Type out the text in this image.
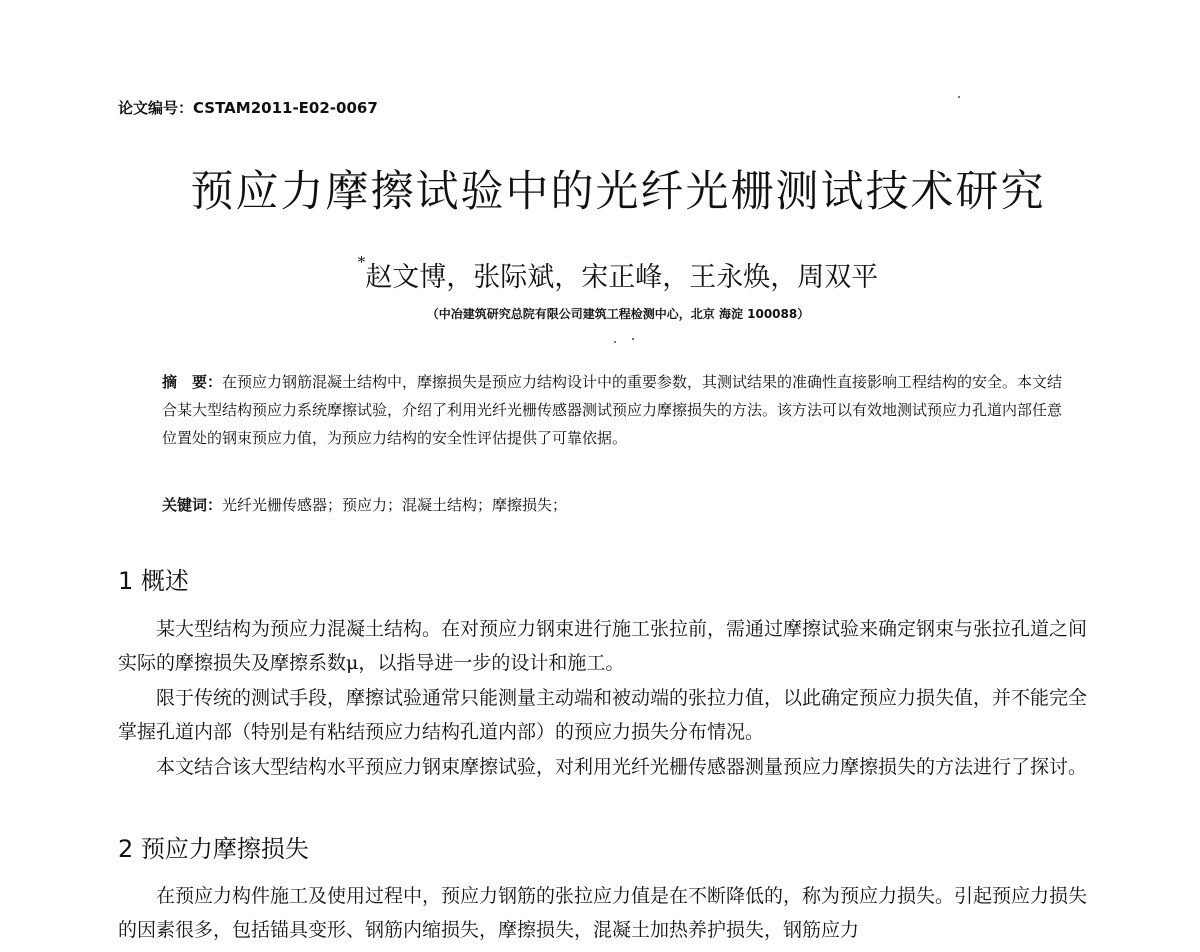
论文编号：CSTAM2011-E02-0067
预应力摩擦试验中的光纤光栅测试技术研究
*赵文博，张际斌，宋正峰，王永焕，周双平
（中冶建筑研究总院有限公司建筑工程检测中心，北京 海淀 100088）
摘　要：在预应力钢筋混凝土结构中，摩擦损失是预应力结构设计中的重要参数，其测试结果的准确性直接影响工程结构的安全。本文结合某大型结构预应力系统摩擦试验，介绍了利用光纤光栅传感器测试预应力摩擦损失的方法。该方法可以有效地测试预应力孔道内部任意位置处的钢束预应力值，为预应力结构的安全性评估提供了可靠依据。
关键词：光纤光栅传感器；预应力；混凝土结构；摩擦损失；
1 概述
某大型结构为预应力混凝土结构。在对预应力钢束进行施工张拉前，需通过摩擦试验来确定钢束与张拉孔道之间实际的摩擦损失及摩擦系数μ，以指导进一步的设计和施工。
限于传统的测试手段，摩擦试验通常只能测量主动端和被动端的张拉力值，以此确定预应力损失值，并不能完全掌握孔道内部（特别是有粘结预应力结构孔道内部）的预应力损失分布情况。
本文结合该大型结构水平预应力钢束摩擦试验，对利用光纤光栅传感器测量预应力摩擦损失的方法进行了探讨。
2 预应力摩擦损失
在预应力构件施工及使用过程中，预应力钢筋的张拉应力值是在不断降低的，称为预应力损失。引起预应力损失的因素很多，包括锚具变形、钢筋内缩损失，摩擦损失，混凝土加热养护损失，钢筋应力
